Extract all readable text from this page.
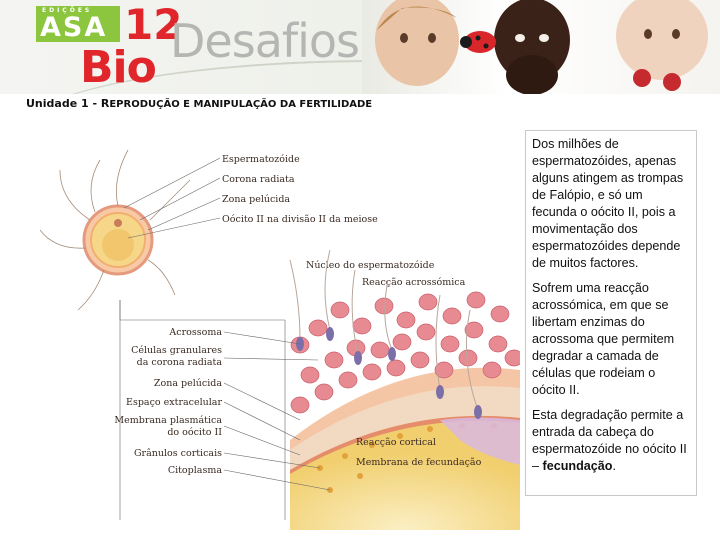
EDIÇÕES
ASA 12
Bio Desafios
Unidade 1 - REPRODUÇÃO E MANIPULAÇÃO DA FERTILIDADE
Espermatozóide
Corona radiata
Zona pelúcida
Oócito II na divisão II da meiose
Núcleo do espermatozóide
Reacção acrossómica
Acrossoma
Células granulares
da corona radiata
Zona pelúcida
Espaço extracelular
Membrana plasmática
do oócito II
Grânulos corticais
Citoplasma
Reacção cortical
Membrana de fecundação

Dos milhões de espermatozóides, apenas alguns atingem as trompas de Falópio, e só um fecunda o oócito II, pois a movimentação dos espermatozóides depende de muitos factores.

Sofrem uma reacção acrossómica, em que se libertam enzimas do acrossoma que permitem degradar a camada de células que rodeiam o oócito II.

Esta degradação permite a entrada da cabeça do espermatozóide no oócito II – fecundação.
